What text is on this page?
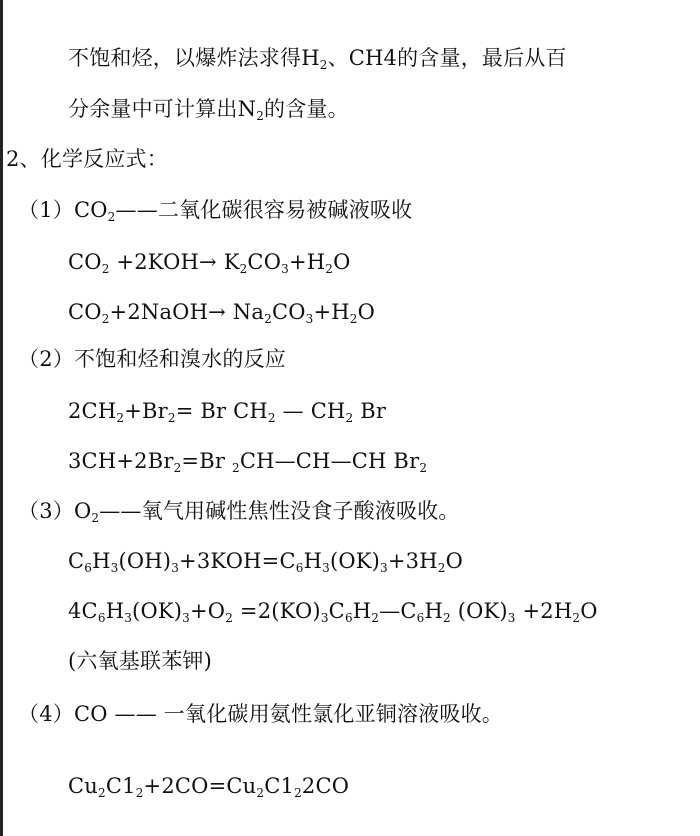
不饱和烃，以爆炸法求得$H_2$、CH4的含量，最后从百
分余量中可计算出$N_2$的含量。
2、化学反应式：
$(1)CO_2——$二氧化碳很容易被碱液吸收
$CO_2 +2KOH\to K_2CO_3+H_2O$
$CO_2+2NaOH\to Na_2CO_3+H_2O$
（2）不饱和烃和溴水的反应
$2CH_2+Br_2= Br$ $CH_2$ — $CH_2$ Br
$3CH+2Br_2=Br$ $_2$CH—CH—CH $Br_2$
$(3)O_2——$氧气用碱性焦性没食子酸液吸收。
$C_6H_3(OH)_3+3KOH=C_6H_3(OK)_3+3H_2O$
$4C_6H_3(OK)_3+O_2$ $=2(KO)_3C_6H_2—C_6H_2$ $(OK)_3 +2H_2O$
(六氧基联苯钾)
（4）CO —— 一氧化碳用氨性氯化亚铜溶液吸收。
$Cu_2C1_2+2CO=Cu_2C1_22CO$
